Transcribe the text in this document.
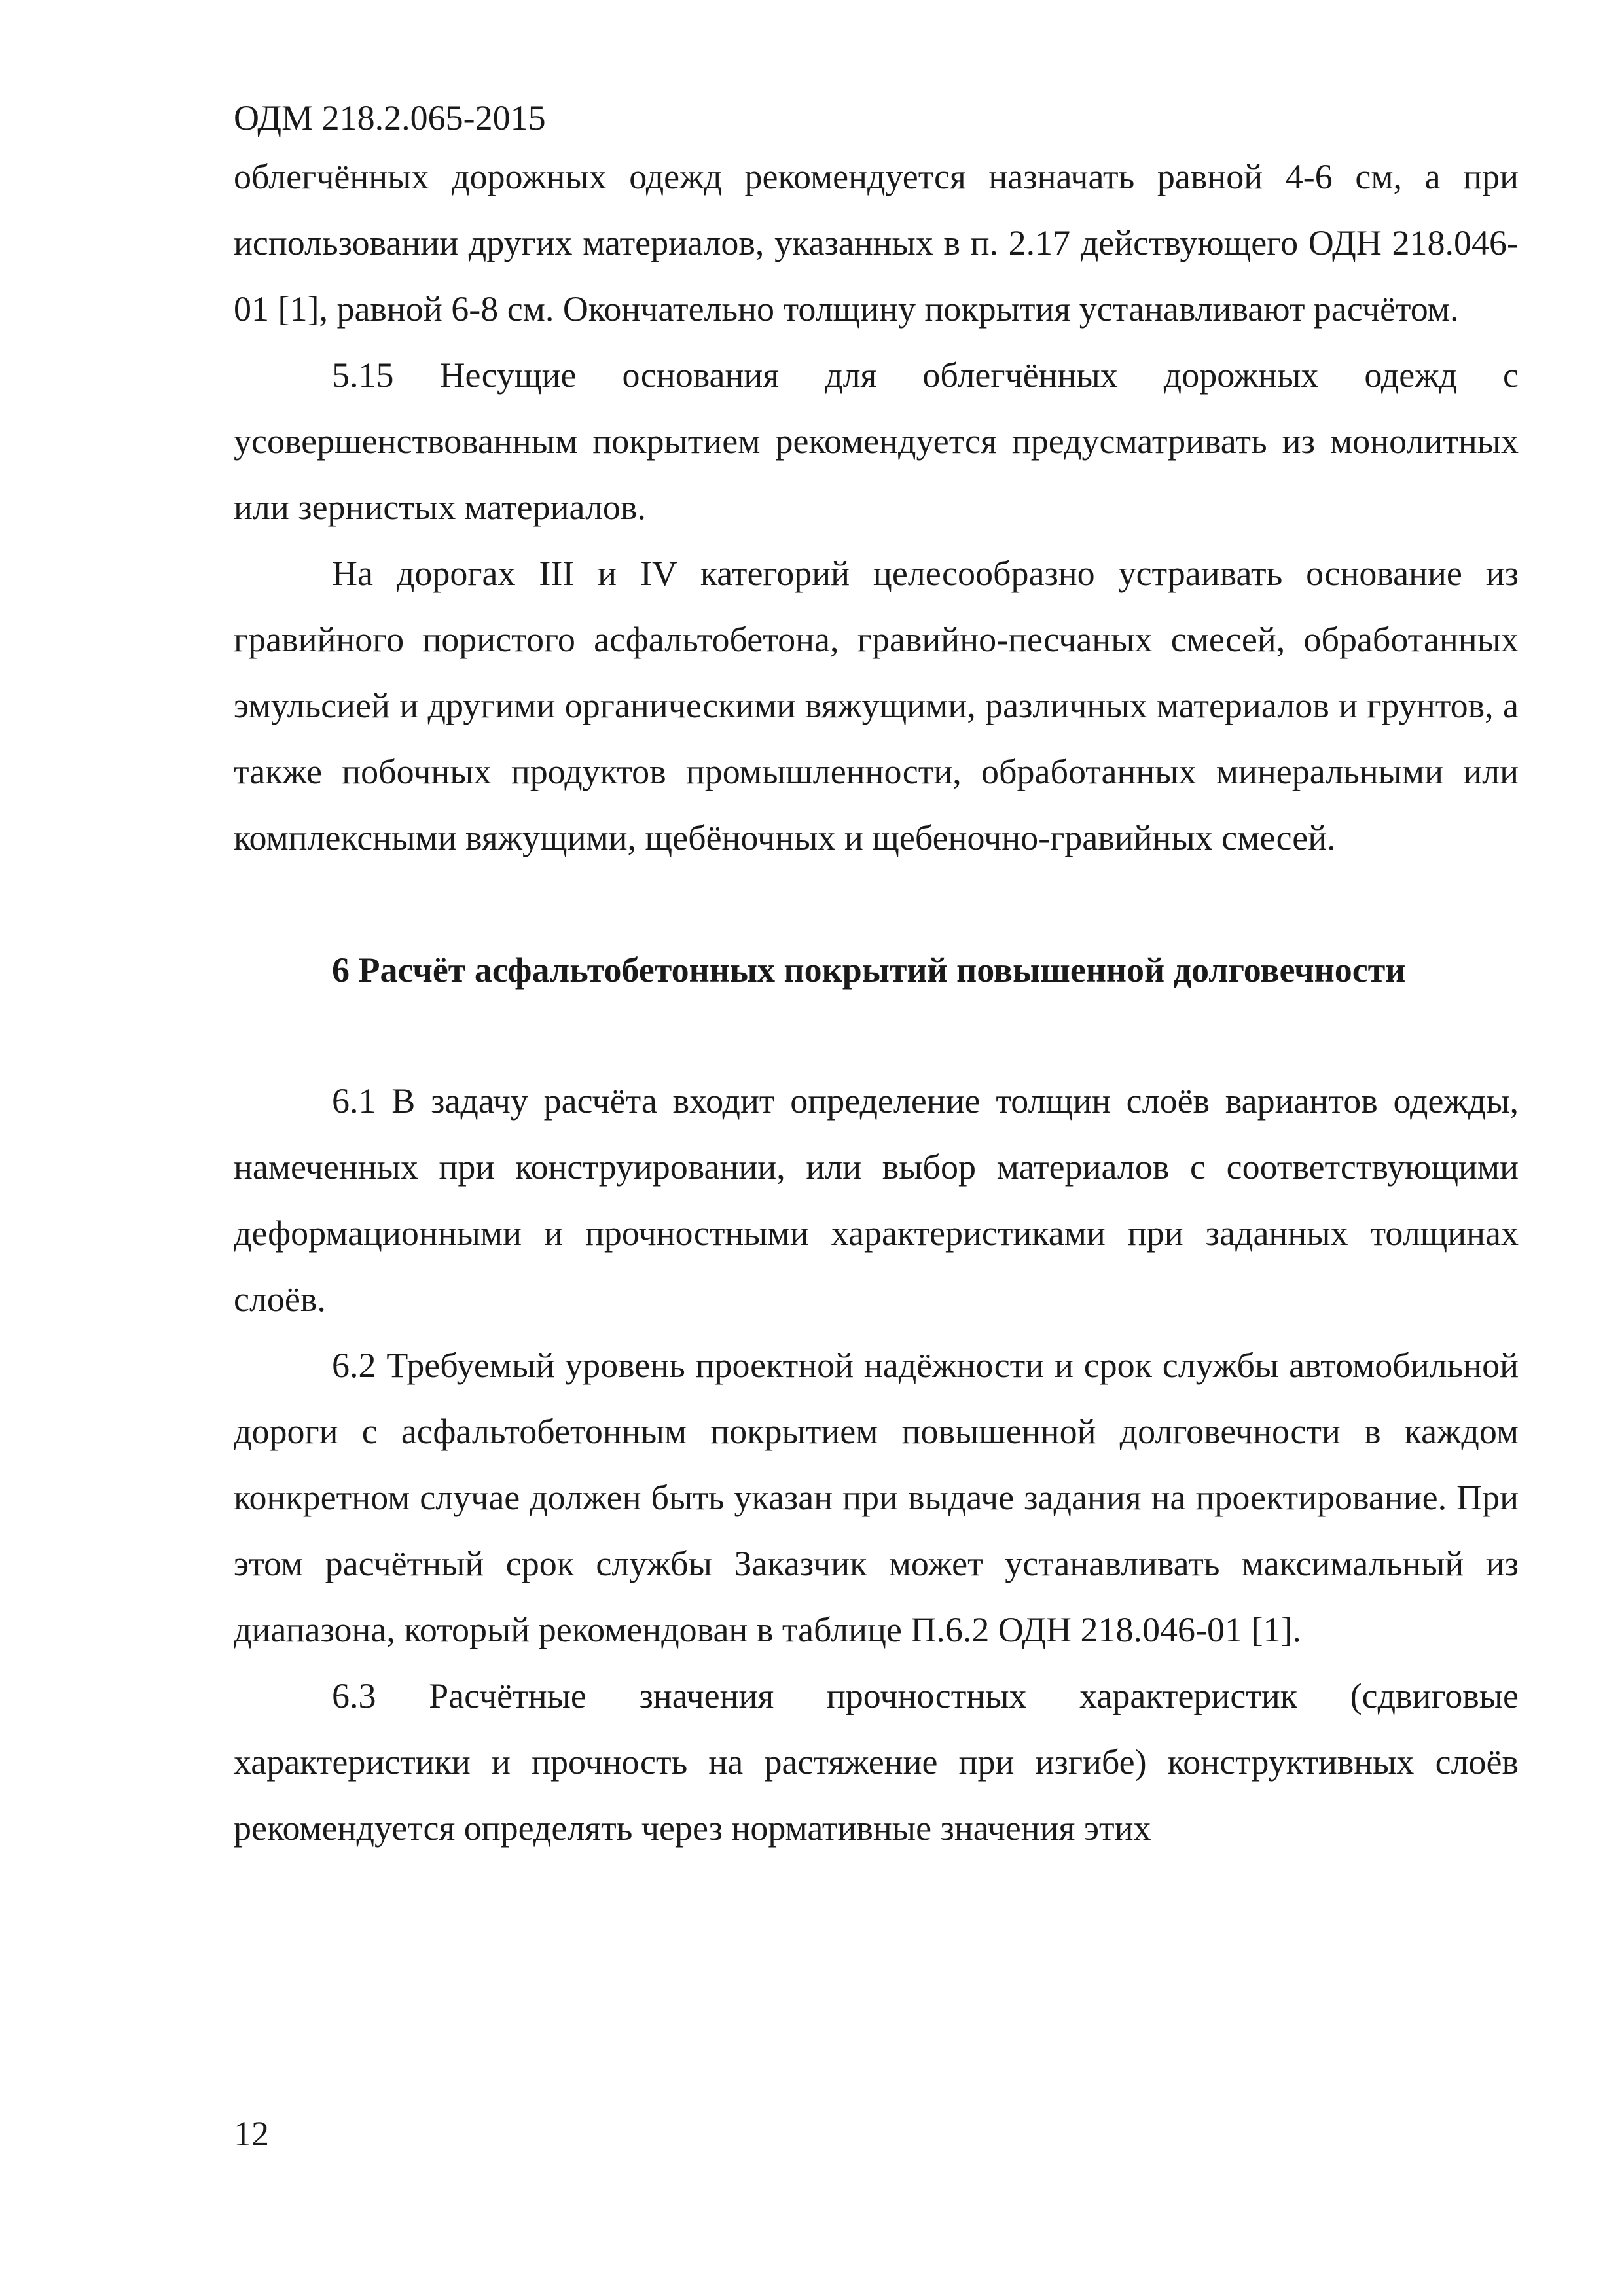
ОДМ 218.2.065-2015

облегчённых дорожных одежд рекомендуется назначать равной 4-6 см, а при использовании других материалов, указанных в п. 2.17 действующего ОДН 218.046-01 [1], равной 6-8 см. Окончательно толщину покрытия устанавливают расчётом.

5.15 Несущие основания для облегчённых дорожных одежд с усовершенствованным покрытием рекомендуется предусматривать из монолитных или зернистых материалов.

На дорогах III и IV категорий целесообразно устраивать основание из гравийного пористого асфальтобетона, гравийно-песчаных смесей, обработанных эмульсией и другими органическими вяжущими, различных материалов и грунтов, а также побочных продуктов промышленности, обработанных минеральными или комплексными вяжущими, щебёночных и щебеночно-гравийных смесей.

6 Расчёт асфальтобетонных покрытий повышенной долговечности

6.1 В задачу расчёта входит определение толщин слоёв вариантов одежды, намеченных при конструировании, или выбор материалов с соответствующими деформационными и прочностными характеристиками при заданных толщинах слоёв.

6.2 Требуемый уровень проектной надёжности и срок службы автомобильной дороги с асфальтобетонным покрытием повышенной долговечности в каждом конкретном случае должен быть указан при выдаче задания на проектирование. При этом расчётный срок службы Заказчик может устанавливать максимальный из диапазона, который рекомендован в таблице П.6.2 ОДН 218.046-01 [1].

6.3 Расчётные значения прочностных характеристик (сдвиговые характеристики и прочность на растяжение при изгибе) конструктивных слоёв рекомендуется определять через нормативные значения этих

12
